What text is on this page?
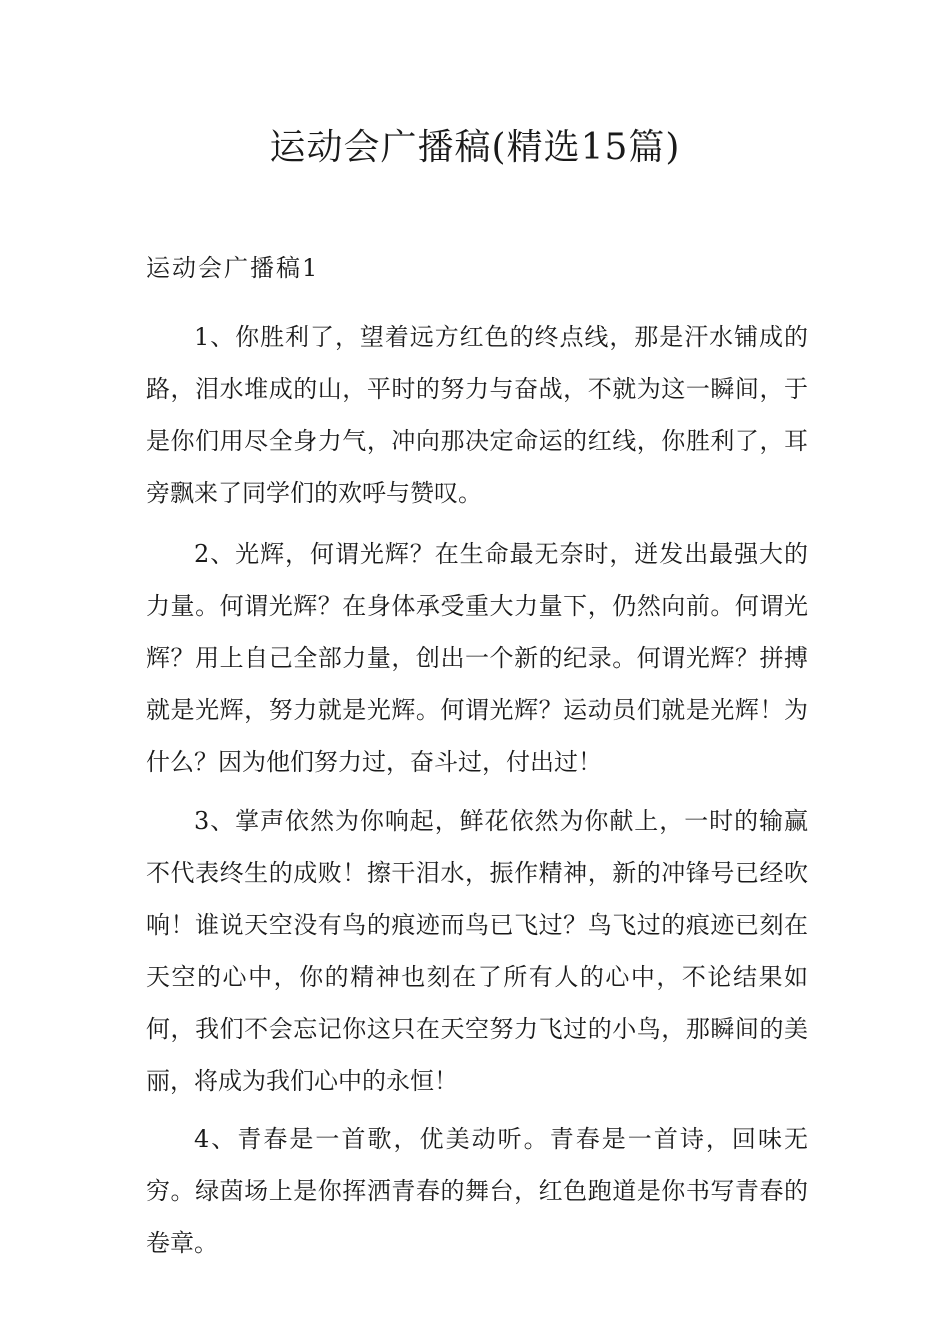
运动会广播稿(精选15篇)
运动会广播稿1

1、你胜利了，望着远方红色的终点线，那是汗水铺成的路，泪水堆成的山，平时的努力与奋战，不就为这一瞬间，于是你们用尽全身力气，冲向那决定命运的红线，你胜利了，耳旁飘来了同学们的欢呼与赞叹。

2、光辉，何谓光辉？在生命最无奈时，迸发出最强大的力量。何谓光辉？在身体承受重大力量下，仍然向前。何谓光辉？用上自己全部力量，创出一个新的纪录。何谓光辉？拼搏就是光辉，努力就是光辉。何谓光辉？运动员们就是光辉！为什么？因为他们努力过，奋斗过，付出过！

3、掌声依然为你响起，鲜花依然为你献上，一时的输赢不代表终生的成败！擦干泪水，振作精神，新的冲锋号已经吹响！谁说天空没有鸟的痕迹而鸟已飞过？鸟飞过的痕迹已刻在天空的心中，你的精神也刻在了所有人的心中，不论结果如何，我们不会忘记你这只在天空努力飞过的小鸟，那瞬间的美丽，将成为我们心中的永恒！

4、青春是一首歌，优美动听。青春是一首诗，回味无穷。绿茵场上是你挥洒青春的舞台，红色跑道是你书写青春的卷章。
